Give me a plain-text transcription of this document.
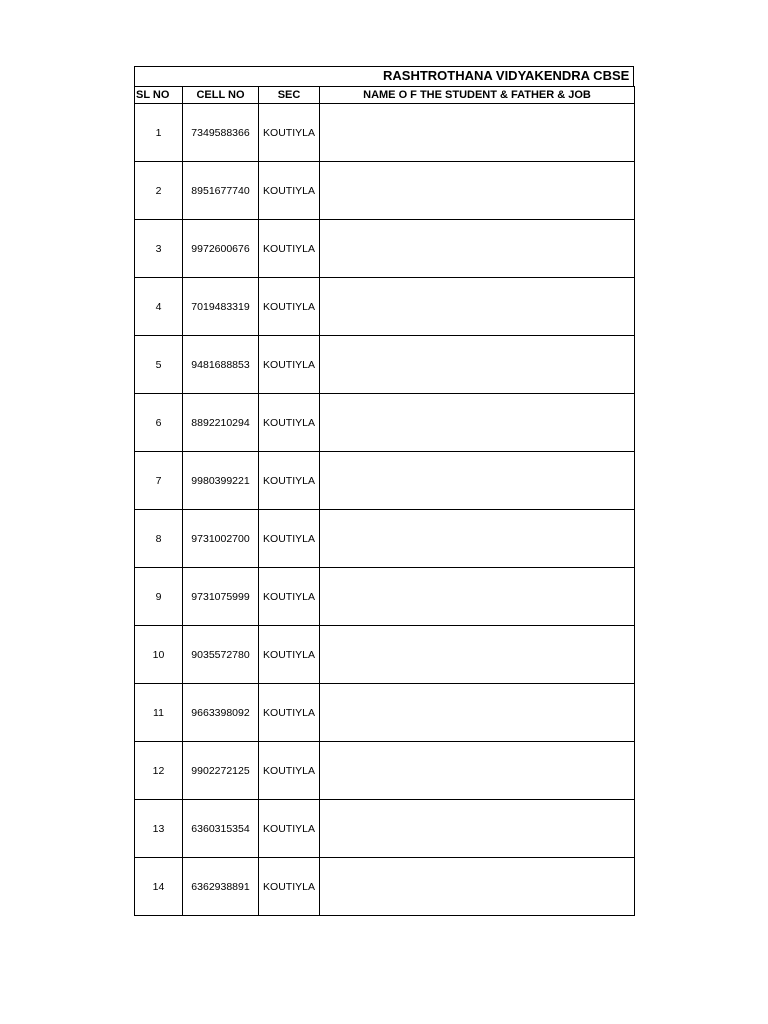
RASHTROTHANA VIDYAKENDRA CBSE
SL NO	CELL NO	SEC	NAME O F THE STUDENT & FATHER & JOB
1	7349588366	KOUTIYLA	
2	8951677740	KOUTIYLA	
3	9972600676	KOUTIYLA	
4	7019483319	KOUTIYLA	
5	9481688853	KOUTIYLA	
6	8892210294	KOUTIYLA	
7	9980399221	KOUTIYLA	
8	9731002700	KOUTIYLA	
9	9731075999	KOUTIYLA	
10	9035572780	KOUTIYLA	
11	9663398092	KOUTIYLA	
12	9902272125	KOUTIYLA	
13	6360315354	KOUTIYLA	
14	6362938891	KOUTIYLA	
